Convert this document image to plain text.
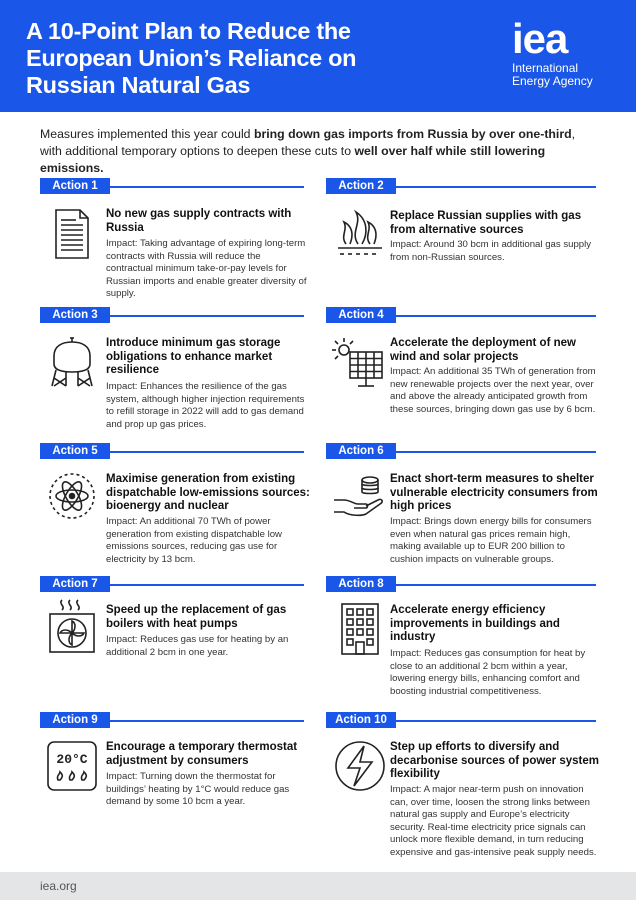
A 10-Point Plan to Reduce the European Union’s Reliance on Russian Natural Gas
iea
International
Energy Agency

Measures implemented this year could bring down gas imports from Russia by over one-third, with additional temporary options to deepen these cuts to well over half while still lowering emissions.

Action 1
No new gas supply contracts with Russia
Impact: Taking advantage of expiring long-term contracts with Russia will reduce the contractual minimum take-or-pay levels for Russian imports and enable greater diversity of supply.
Action 2
Replace Russian supplies with gas from alternative sources
Impact: Around 30 bcm in additional gas supply from non-Russian sources.
Action 3
Introduce minimum gas storage obligations to enhance market resilience
Impact: Enhances the resilience of the gas system, although higher injection requirements to refill storage in 2022 will add to gas demand and prop up gas prices.
Action 4
Accelerate the deployment of new wind and solar projects
Impact: An additional 35 TWh of generation from new renewable projects over the next year, over and above the already anticipated growth from these sources, bringing down gas use by 6 bcm.
Action 5
Maximise generation from existing dispatchable low-emissions sources: bioenergy and nuclear
Impact: An additional 70 TWh of power generation from existing dispatchable low emissions sources, reducing gas use for electricity by 13 bcm.
Action 6
Enact short-term measures to shelter vulnerable electricity consumers from high prices
Impact: Brings down energy bills for consumers even when natural gas prices remain high, making available up to EUR 200 billion to cushion impacts on vulnerable groups.
Action 7
Speed up the replacement of gas boilers with heat pumps
Impact: Reduces gas use for heating by an additional 2 bcm in one year.
Action 8
Accelerate energy efficiency improvements in buildings and industry
Impact: Reduces gas consumption for heat by close to an additional 2 bcm within a year, lowering energy bills, enhancing comfort and boosting industrial competitiveness.
Action 9
20°C
Encourage a temporary thermostat adjustment by consumers
Impact: Turning down the thermostat for buildings’ heating by 1°C would reduce gas demand by some 10 bcm a year.
Action 10
Step up efforts to diversify and decarbonise sources of power system flexibility
Impact: A major near-term push on innovation can, over time, loosen the strong links between natural gas supply and Europe’s electricity security. Real-time electricity price signals can unlock more flexible demand, in turn reducing expensive and gas-intensive peak supply needs.
iea.org
